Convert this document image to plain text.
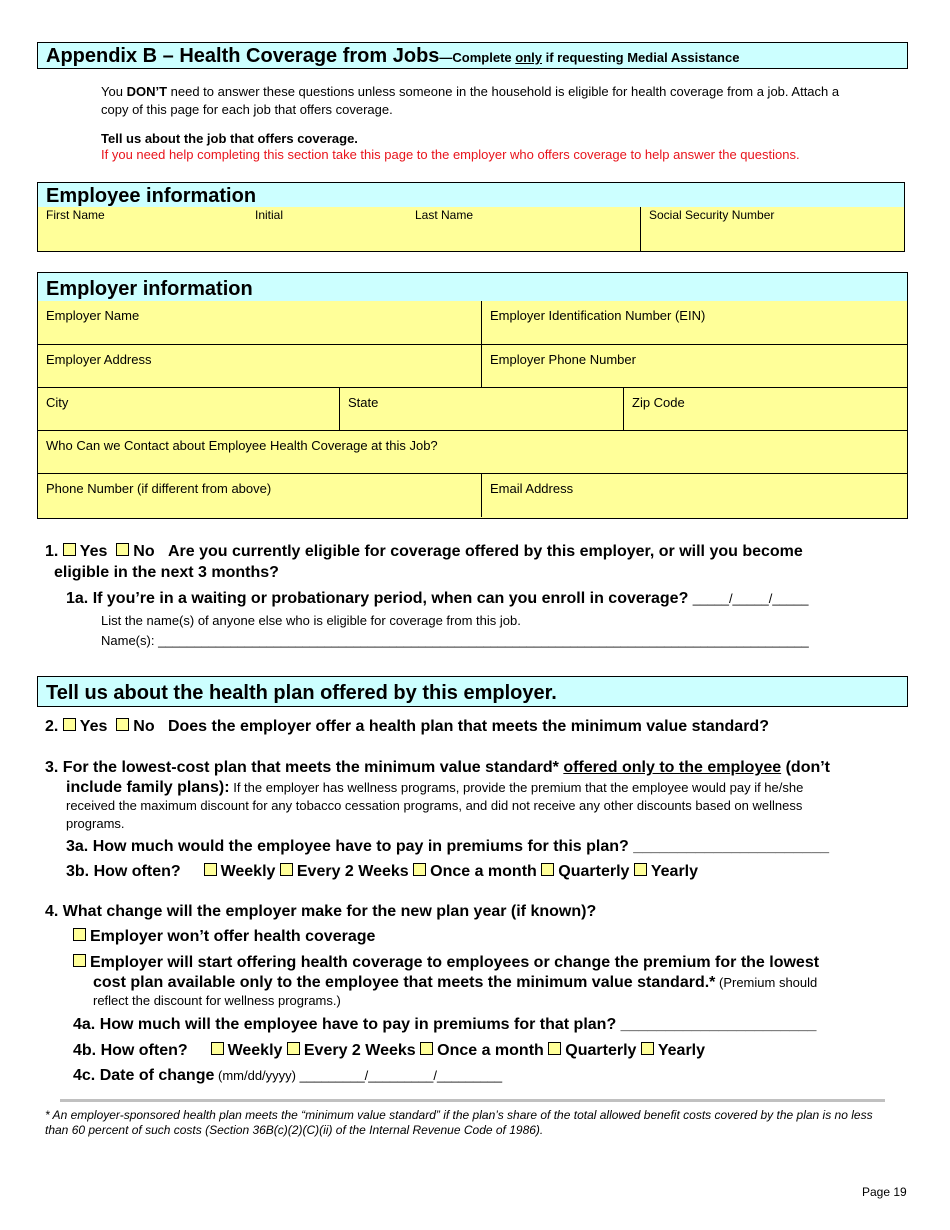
Appendix B – Health Coverage from Jobs—Complete only if requesting Medial Assistance
You DON’T need to answer these questions unless someone in the household is eligible for health coverage from a job. Attach a
copy of this page for each job that offers coverage.
Tell us about the job that offers coverage.
If you need help completing this section take this page to the employer who offers coverage to help answer the questions.
Employee information
First Name	Initial	Last Name	Social Security Number
Employer information
Employer Name	Employer Identification Number (EIN)
Employer Address	Employer Phone Number
City	State	Zip Code
Who Can we Contact about Employee Health Coverage at this Job?
Phone Number (if different from above)	Email Address
1. Yes No Are you currently eligible for coverage offered by this employer, or will you become
eligible in the next 3 months?
1a. If you’re in a waiting or probationary period, when can you enroll in coverage? _____/_____/_____
List the name(s) of anyone else who is eligible for coverage from this job.
Name(s): __________________________________________________________________________________________
Tell us about the health plan offered by this employer.
2. Yes No Does the employer offer a health plan that meets the minimum value standard?
3. For the lowest-cost plan that meets the minimum value standard* offered only to the employee (don’t
include family plans): If the employer has wellness programs, provide the premium that the employee would pay if he/she
received the maximum discount for any tobacco cessation programs, and did not receive any other discounts based on wellness
programs.
3a. How much would the employee have to pay in premiums for this plan? ______________________
3b. How often? Weekly Every 2 Weeks Once a month Quarterly Yearly
4. What change will the employer make for the new plan year (if known)?
Employer won’t offer health coverage
Employer will start offering health coverage to employees or change the premium for the lowest
cost plan available only to the employee that meets the minimum value standard.* (Premium should
reflect the discount for wellness programs.)
4a. How much will the employee have to pay in premiums for that plan? ______________________
4b. How often? Weekly Every 2 Weeks Once a month Quarterly Yearly
4c. Date of change (mm/dd/yyyy) _________/_________/_________
* An employer-sponsored health plan meets the “minimum value standard” if the plan’s share of the total allowed benefit costs covered by the plan is no less
than 60 percent of such costs (Section 36B(c)(2)(C)(ii) of the Internal Revenue Code of 1986).
Page 19
